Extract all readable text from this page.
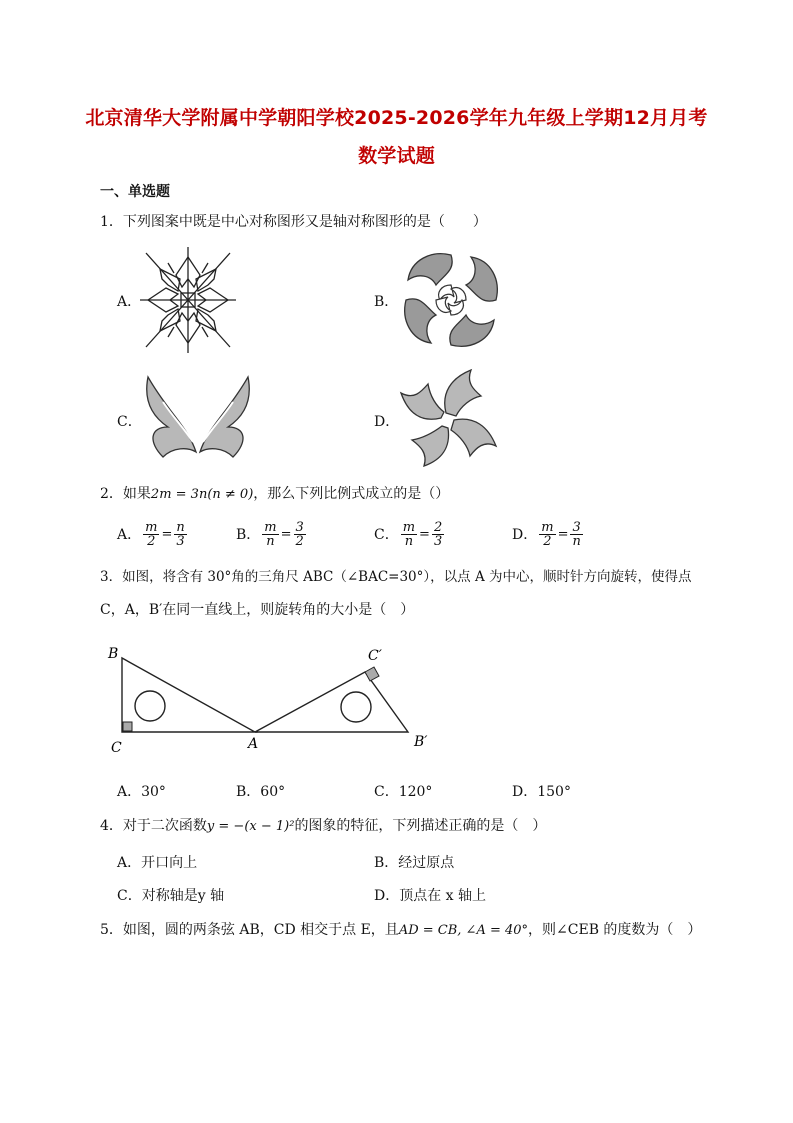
北京清华大学附属中学朝阳学校2025-2026学年九年级上学期12月月考
数学试题
一、单选题
1．下列图案中既是中心对称图形又是轴对称图形的是（　　）
A．	B．
C．	D．
2．如果2m = 3n(n ≠ 0)，那么下列比例式成立的是（）
A． $\frac{m}{2} = \frac{n}{3}$	B． $\frac{m}{n} = \frac{3}{2}$	C． $\frac{m}{n} = \frac{2}{3}$	D． $\frac{m}{2} = \frac{3}{n}$
3．如图，将含有 30°角的三角尺 ABC（∠BAC=30°），以点 A 为中心，顺时针方向旋转，使得点
C，A，B′在同一直线上，则旋转角的大小是（　）
B
C	A
C′
B′
A．30°	B．60°	C．120°	D．150°
4．对于二次函数y = −(x − 1)²的图象的特征，下列描述正确的是（　）
A．开口向上	B．经过原点
C．对称轴是y 轴	D．顶点在 x 轴上
5．如图，圆的两条弦 AB，CD 相交于点 E，且AD = CB, ∠A = 40°，则∠CEB 的度数为（　）
